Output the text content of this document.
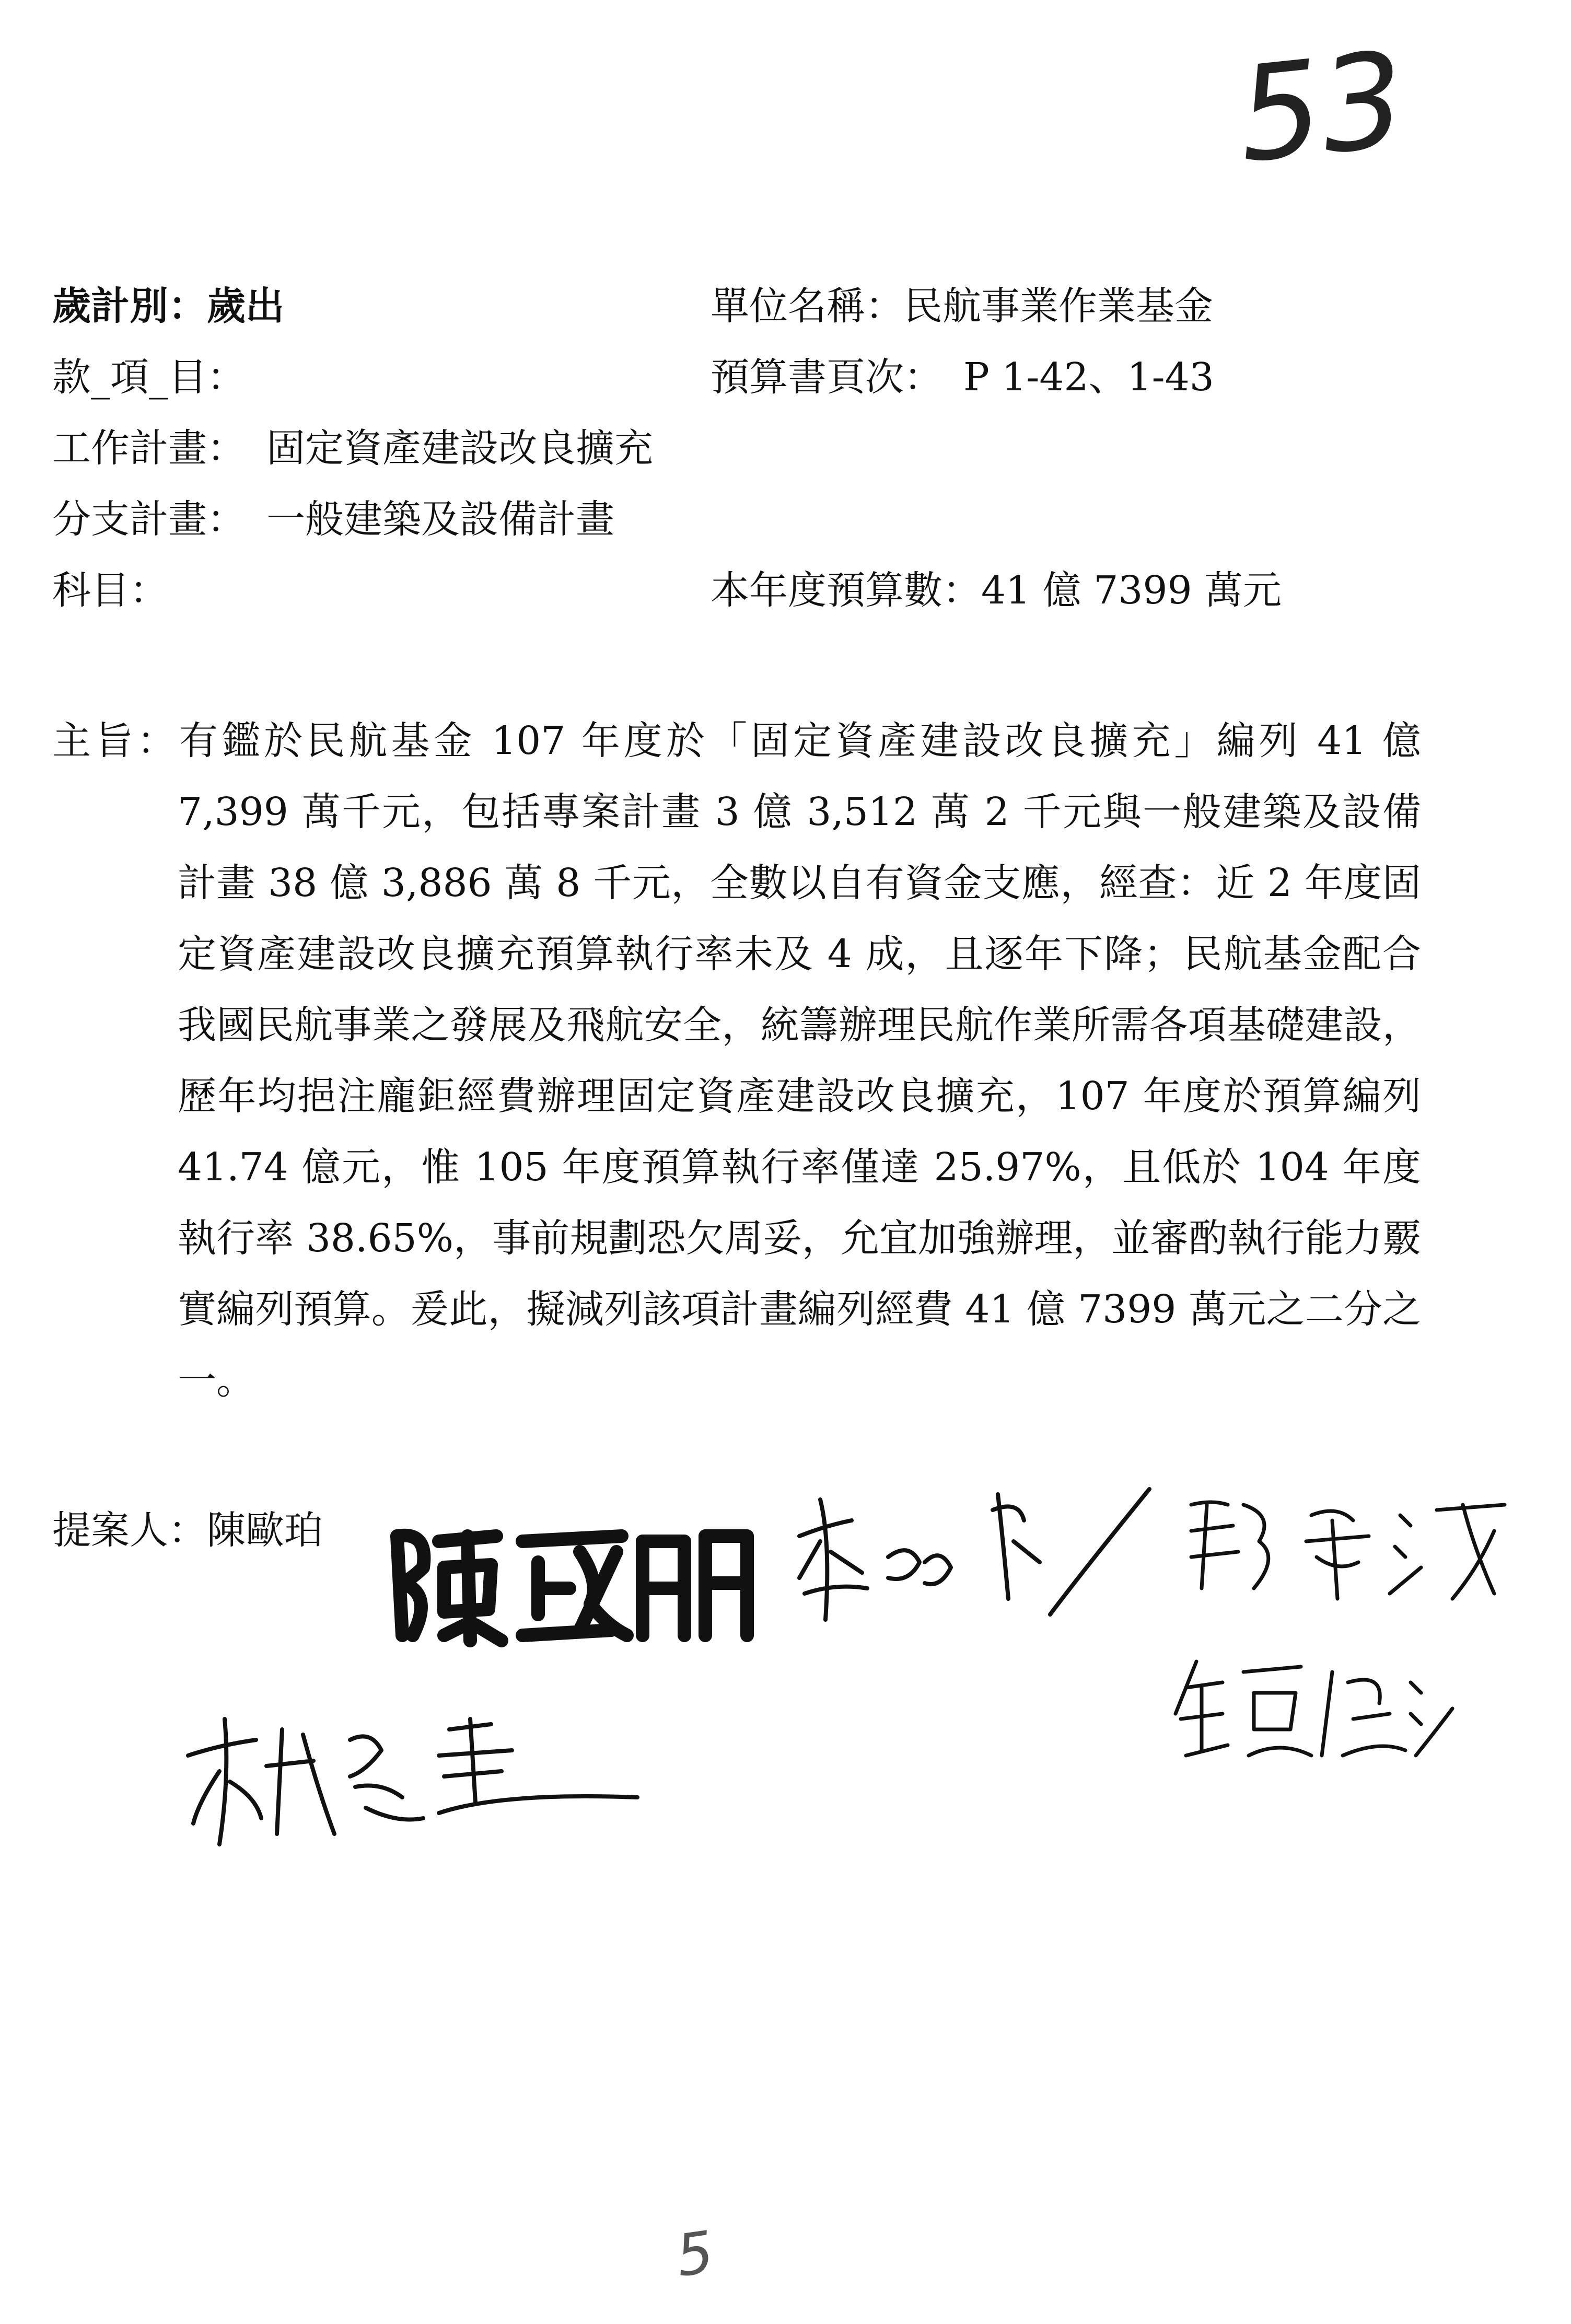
53
歲計別：歲出
款_項_目：
工作計畫： 固定資產建設改良擴充
分支計畫： 一般建築及設備計畫
科目：
單位名稱：民航事業作業基金
預算書頁次： P 1-42、1-43
本年度預算數：41 億 7399 萬元

主旨：有鑑於民航基金 107 年度於「固定資產建設改良擴充」編列 41 億 7,399 萬千元，包括專案計畫 3 億 3,512 萬 2 千元與一般建築及設備計畫 38 億 3,886 萬 8 千元，全數以自有資金支應，經查：近 2 年度固定資產建設改良擴充預算執行率未及 4 成，且逐年下降；民航基金配合我國民航事業之發展及飛航安全，統籌辦理民航作業所需各項基礎建設，歷年均挹注龐鉅經費辦理固定資產建設改良擴充，107 年度於預算編列 41.74 億元，惟 105 年度預算執行率僅達 25.97%，且低於 104 年度執行率 38.65%，事前規劃恐欠周妥，允宜加強辦理，並審酌執行能力覈實編列預算。爰此，擬減列該項計畫編列經費 41 億 7399 萬元之二分之一。

提案人：陳歐珀
5
